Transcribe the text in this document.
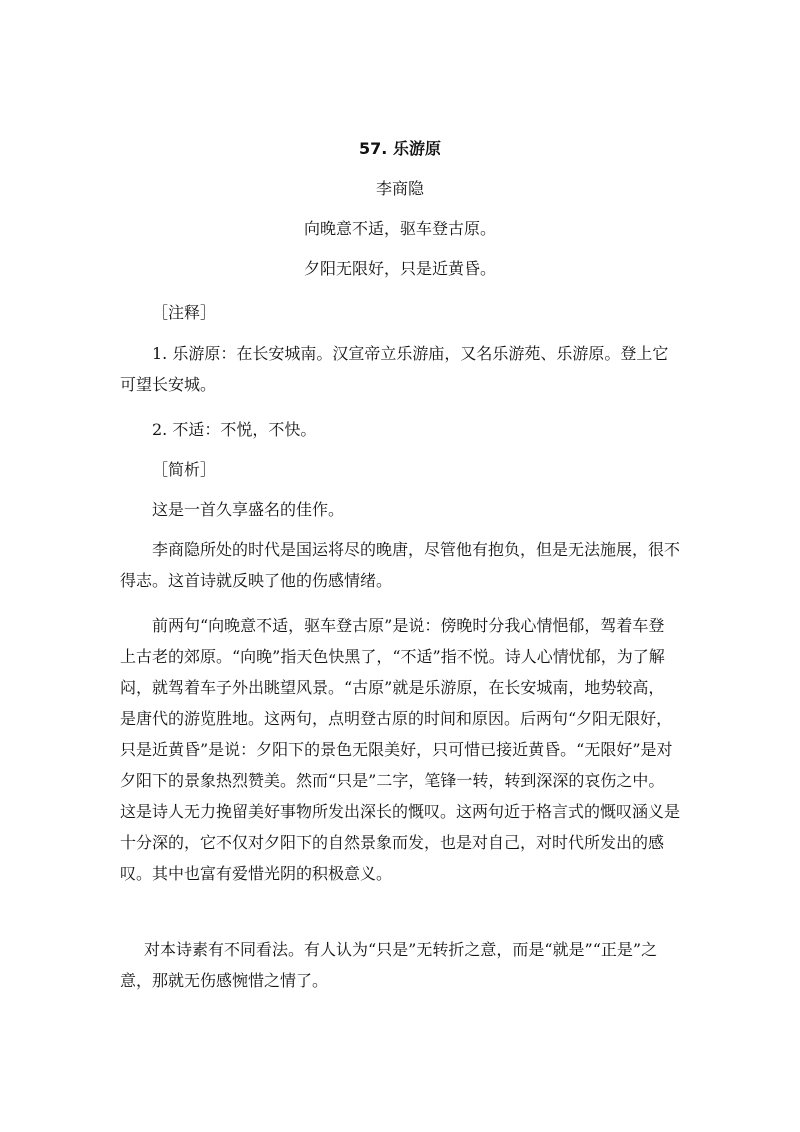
57. 乐游原
李商隐
向晚意不适，驱车登古原。
夕阳无限好，只是近黄昏。

［注释］

1. 乐游原：在长安城南。汉宣帝立乐游庙，又名乐游苑、乐游原。登上它可望长安城。

2. 不适：不悦，不快。

［简析］

这是一首久享盛名的佳作。

李商隐所处的时代是国运将尽的晚唐，尽管他有抱负，但是无法施展，很不得志。这首诗就反映了他的伤感情绪。

前两句“向晚意不适，驱车登古原”是说：傍晚时分我心情悒郁，驾着车登上古老的郊原。“向晚”指天色快黑了，“不适”指不悦。诗人心情忧郁，为了解闷，就驾着车子外出眺望风景。“古原”就是乐游原，在长安城南，地势较高，是唐代的游览胜地。这两句，点明登古原的时间和原因。后两句“夕阳无限好，只是近黄昏”是说：夕阳下的景色无限美好，只可惜已接近黄昏。“无限好”是对夕阳下的景象热烈赞美。然而“只是”二字，笔锋一转，转到深深的哀伤之中。这是诗人无力挽留美好事物所发出深长的慨叹。这两句近于格言式的慨叹涵义是十分深的，它不仅对夕阳下的自然景象而发，也是对自己，对时代所发出的感叹。其中也富有爱惜光阴的积极意义。

对本诗素有不同看法。有人认为“只是”无转折之意，而是“就是”“正是”之意，那就无伤感惋惜之情了。
